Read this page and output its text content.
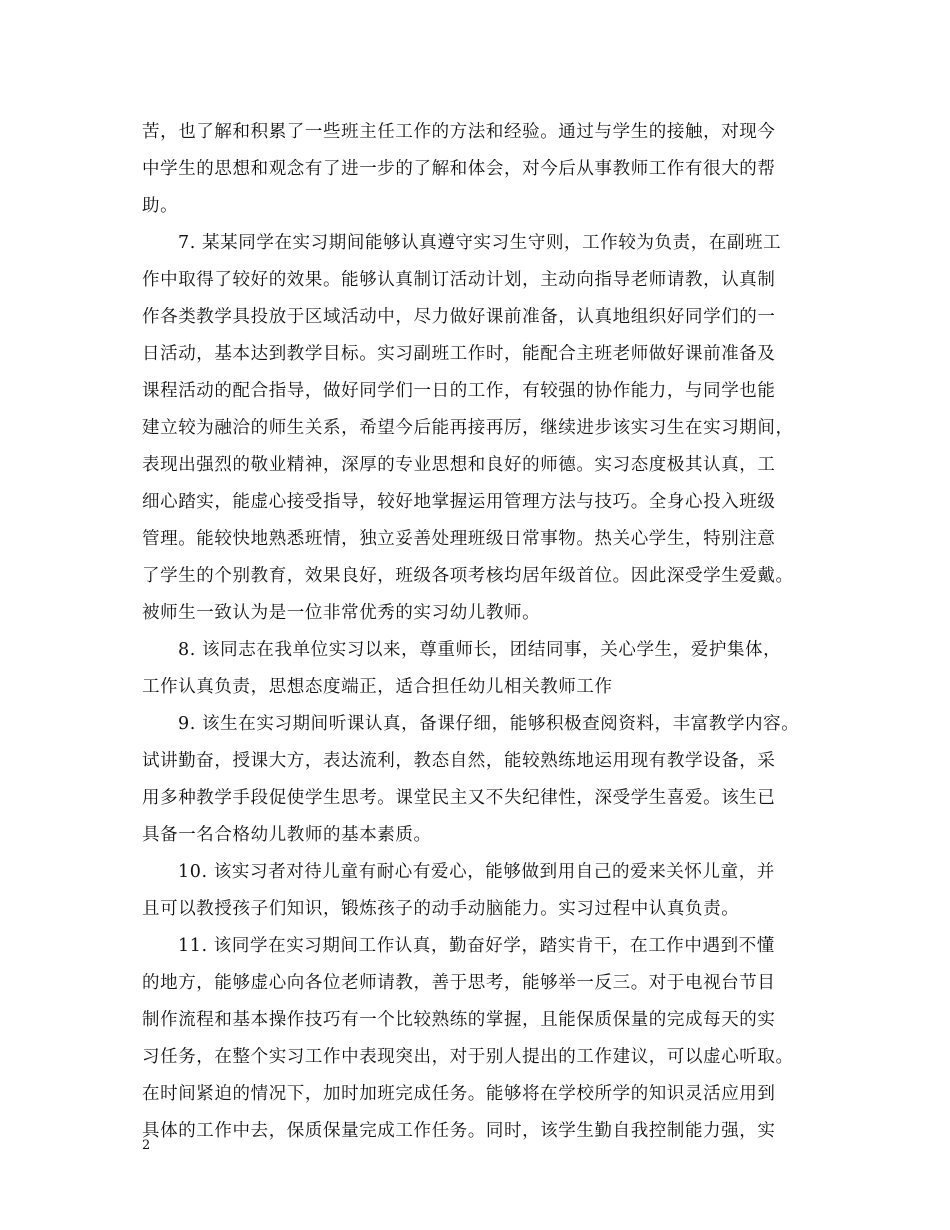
苦，也了解和积累了一些班主任工作的方法和经验。通过与学生的接触，对现今
中学生的思想和观念有了进一步的了解和体会，对今后从事教师工作有很大的帮
助。
7. 某某同学在实习期间能够认真遵守实习生守则，工作较为负责，在副班工
作中取得了较好的效果。能够认真制订活动计划，主动向指导老师请教，认真制
作各类教学具投放于区域活动中，尽力做好课前准备，认真地组织好同学们的一
日活动，基本达到教学目标。实习副班工作时，能配合主班老师做好课前准备及
课程活动的配合指导，做好同学们一日的工作，有较强的协作能力，与同学也能
建立较为融洽的师生关系，希望今后能再接再厉，继续进步该实习生在实习期间，
表现出强烈的敬业精神，深厚的专业思想和良好的师德。实习态度极其认真，工
细心踏实，能虚心接受指导，较好地掌握运用管理方法与技巧。全身心投入班级
管理。能较快地熟悉班情，独立妥善处理班级日常事物。热关心学生，特别注意
了学生的个别教育，效果良好，班级各项考核均居年级首位。因此深受学生爱戴。
被师生一致认为是一位非常优秀的实习幼儿教师。
8. 该同志在我单位实习以来，尊重师长，团结同事，关心学生，爱护集体，
工作认真负责，思想态度端正，适合担任幼儿相关教师工作
9. 该生在实习期间听课认真，备课仔细，能够积极查阅资料，丰富教学内容。
试讲勤奋，授课大方，表达流利，教态自然，能较熟练地运用现有教学设备，采
用多种教学手段促使学生思考。课堂民主又不失纪律性，深受学生喜爱。该生已
具备一名合格幼儿教师的基本素质。
10. 该实习者对待儿童有耐心有爱心，能够做到用自己的爱来关怀儿童，并
且可以教授孩子们知识，锻炼孩子的动手动脑能力。实习过程中认真负责。
11. 该同学在实习期间工作认真，勤奋好学，踏实肯干，在工作中遇到不懂
的地方，能够虚心向各位老师请教，善于思考，能够举一反三。对于电视台节目
制作流程和基本操作技巧有一个比较熟练的掌握，且能保质保量的完成每天的实
习任务，在整个实习工作中表现突出，对于别人提出的工作建议，可以虚心听取。
在时间紧迫的情况下，加时加班完成任务。能够将在学校所学的知识灵活应用到
具体的工作中去，保质保量完成工作任务。同时，该学生勤自我控制能力强，实
2
